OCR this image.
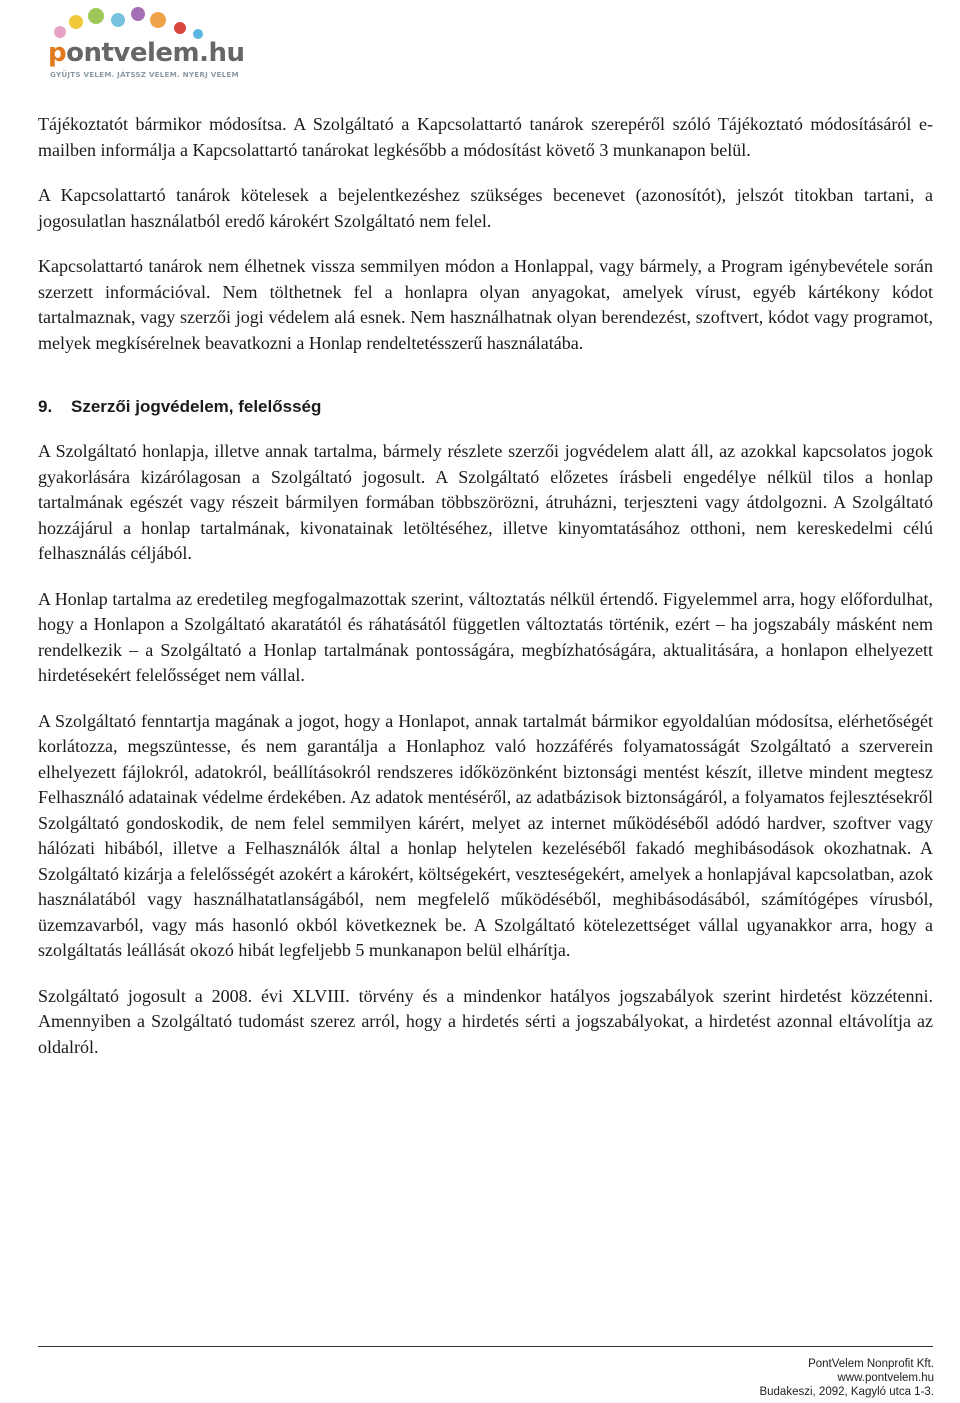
pontvelem.hu
GYŰJTS VELEM. JÁTSSZ VELEM. NYERJ VELEM

Tájékoztatót bármikor módosítsa. A Szolgáltató a Kapcsolattartó tanárok szerepéről szóló Tájékoztató módosításáról e-mailben informálja a Kapcsolattartó tanárokat legkésőbb a módosítást követő 3 munkanapon belül.

A Kapcsolattartó tanárok kötelesek a bejelentkezéshez szükséges becenevet (azonosítót), jelszót titokban tartani, a jogosulatlan használatból eredő károkért Szolgáltató nem felel.

Kapcsolattartó tanárok nem élhetnek vissza semmilyen módon a Honlappal, vagy bármely, a Program igénybevétele során szerzett információval. Nem tölthetnek fel a honlapra olyan anyagokat, amelyek vírust, egyéb kártékony kódot tartalmaznak, vagy szerzői jogi védelem alá esnek. Nem használhatnak olyan berendezést, szoftvert, kódot vagy programot, melyek megkísérelnek beavatkozni a Honlap rendeltetésszerű használatába.

9. Szerzői jogvédelem, felelősség

A Szolgáltató honlapja, illetve annak tartalma, bármely részlete szerzői jogvédelem alatt áll, az azokkal kapcsolatos jogok gyakorlására kizárólagosan a Szolgáltató jogosult. A Szolgáltató előzetes írásbeli engedélye nélkül tilos a honlap tartalmának egészét vagy részeit bármilyen formában többszörözni, átruházni, terjeszteni vagy átdolgozni. A Szolgáltató hozzájárul a honlap tartalmának, kivonatainak letöltéséhez, illetve kinyomtatásához otthoni, nem kereskedelmi célú felhasználás céljából.

A Honlap tartalma az eredetileg megfogalmazottak szerint, változtatás nélkül értendő. Figyelemmel arra, hogy előfordulhat, hogy a Honlapon a Szolgáltató akaratától és ráhatásától független változtatás történik, ezért – ha jogszabály másként nem rendelkezik – a Szolgáltató a Honlap tartalmának pontosságára, megbízhatóságára, aktualitására, a honlapon elhelyezett hirdetésekért felelősséget nem vállal.

A Szolgáltató fenntartja magának a jogot, hogy a Honlapot, annak tartalmát bármikor egyoldalúan módosítsa, elérhetőségét korlátozza, megszüntesse, és nem garantálja a Honlaphoz való hozzáférés folyamatosságát Szolgáltató a szerverein elhelyezett fájlokról, adatokról, beállításokról rendszeres időközönként biztonsági mentést készít, illetve mindent megtesz Felhasználó adatainak védelme érdekében. Az adatok mentéséről, az adatbázisok biztonságáról, a folyamatos fejlesztésekről Szolgáltató gondoskodik, de nem felel semmilyen kárért, melyet az internet működéséből adódó hardver, szoftver vagy hálózati hibából, illetve a Felhasználók által a honlap helytelen kezeléséből fakadó meghibásodások okozhatnak. A Szolgáltató kizárja a felelősségét azokért a károkért, költségekért, veszteségekért, amelyek a honlapjával kapcsolatban, azok használatából vagy használhatatlanságából, nem megfelelő működéséből, meghibásodásából, számítógépes vírusból, üzemzavarból, vagy más hasonló okból következnek be. A Szolgáltató kötelezettséget vállal ugyanakkor arra, hogy a szolgáltatás leállását okozó hibát legfeljebb 5 munkanapon belül elhárítja.

Szolgáltató jogosult a 2008. évi XLVIII. törvény és a mindenkor hatályos jogszabályok szerint hirdetést közzétenni. Amennyiben a Szolgáltató tudomást szerez arról, hogy a hirdetés sérti a jogszabályokat, a hirdetést azonnal eltávolítja az oldalról.

PontVelem Nonprofit Kft.
www.pontvelem.hu
Budakeszi, 2092, Kagyló utca 1-3.
